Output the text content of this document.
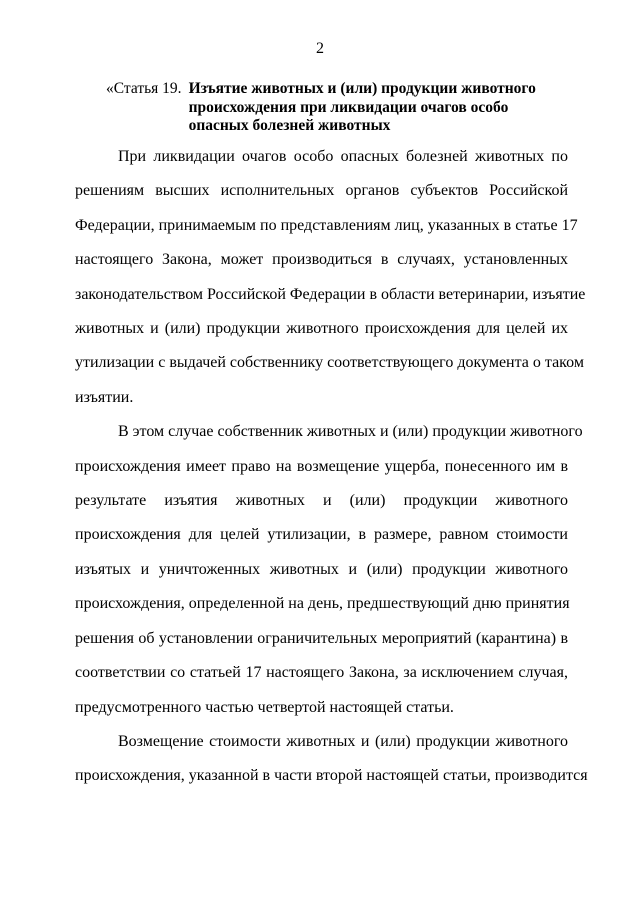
2
«Статья 19. Изъятие животных и (или) продукции животного
происхождения при ликвидации очагов особо
опасных болезней животных
При ликвидации очагов особо опасных болезней животных по
решениям высших исполнительных органов субъектов Российской
Федерации, принимаемым по представлениям лиц, указанных в статье 17
настоящего Закона, может производиться в случаях, установленных
законодательством Российской Федерации в области ветеринарии, изъятие
животных и (или) продукции животного происхождения для целей их
утилизации с выдачей собственнику соответствующего документа о таком
изъятии.
В этом случае собственник животных и (или) продукции животного
происхождения имеет право на возмещение ущерба, понесенного им в
результате изъятия животных и (или) продукции животного
происхождения для целей утилизации, в размере, равном стоимости
изъятых и уничтоженных животных и (или) продукции животного
происхождения, определенной на день, предшествующий дню принятия
решения об установлении ограничительных мероприятий (карантина) в
соответствии со статьей 17 настоящего Закона, за исключением случая,
предусмотренного частью четвертой настоящей статьи.
Возмещение стоимости животных и (или) продукции животного
происхождения, указанной в части второй настоящей статьи, производится
